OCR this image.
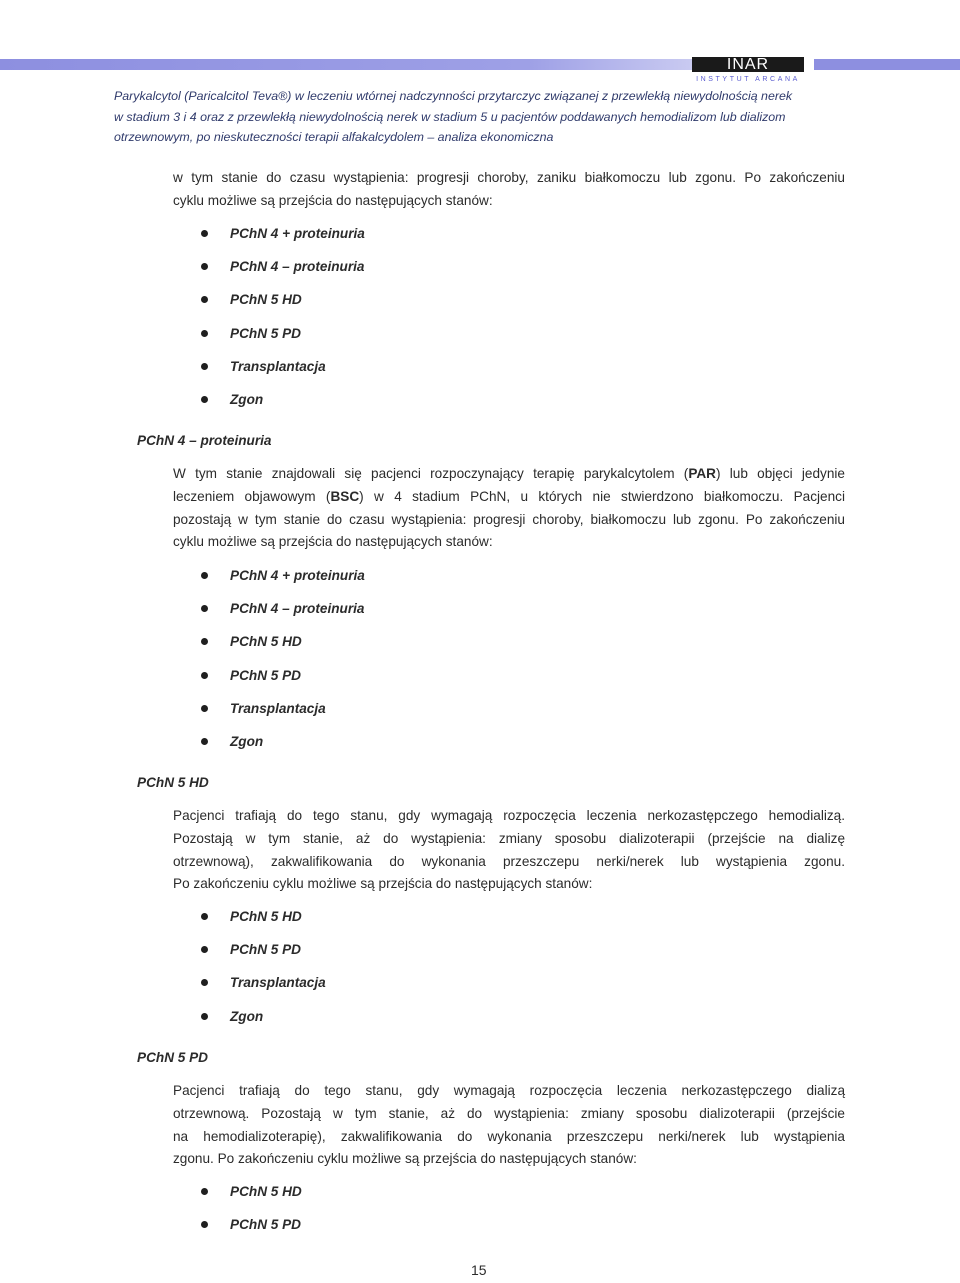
INAR
INSTYTUT ARCANA
Parykalcytol (Paricalcitol Teva®) w leczeniu wtórnej nadczynności przytarczyc związanej z przewlekłą niewydolnością nerek
w stadium 3 i 4 oraz z przewlekłą niewydolnością nerek w stadium 5 u pacjentów poddawanych hemodializom lub dializom
otrzewnowym, po nieskuteczności terapii alfakalcydolem – analiza ekonomiczna
w tym stanie do czasu wystąpienia: progresji choroby, zaniku białkomoczu lub zgonu. Po zakończeniu
cyklu możliwe są przejścia do następujących stanów:
PChN 4 + proteinuria
PChN 4 – proteinuria
PChN 5 HD
PChN 5 PD
Transplantacja
Zgon
PChN 4 – proteinuria
W tym stanie znajdowali się pacjenci rozpoczynający terapię parykalcytolem (PAR) lub objęci jedynie
leczeniem objawowym (BSC) w 4 stadium PChN, u których nie stwierdzono białkomoczu. Pacjenci
pozostają w tym stanie do czasu wystąpienia: progresji choroby, białkomoczu lub zgonu. Po zakończeniu
cyklu możliwe są przejścia do następujących stanów:
PChN 4 + proteinuria
PChN 4 – proteinuria
PChN 5 HD
PChN 5 PD
Transplantacja
Zgon
PChN 5 HD
Pacjenci trafiają do tego stanu, gdy wymagają rozpoczęcia leczenia nerkozastępczego hemodializą.
Pozostają w tym stanie, aż do wystąpienia: zmiany sposobu dializoterapii (przejście na dializę
otrzewnową), zakwalifikowania do wykonania przeszczepu nerki/nerek lub wystąpienia zgonu.
Po zakończeniu cyklu możliwe są przejścia do następujących stanów:
PChN 5 HD
PChN 5 PD
Transplantacja
Zgon
PChN 5 PD
Pacjenci trafiają do tego stanu, gdy wymagają rozpoczęcia leczenia nerkozastępczego dializą
otrzewnową. Pozostają w tym stanie, aż do wystąpienia: zmiany sposobu dializoterapii (przejście
na hemodializoterapię), zakwalifikowania do wykonania przeszczepu nerki/nerek lub wystąpienia
zgonu. Po zakończeniu cyklu możliwe są przejścia do następujących stanów:
PChN 5 HD
PChN 5 PD
15
